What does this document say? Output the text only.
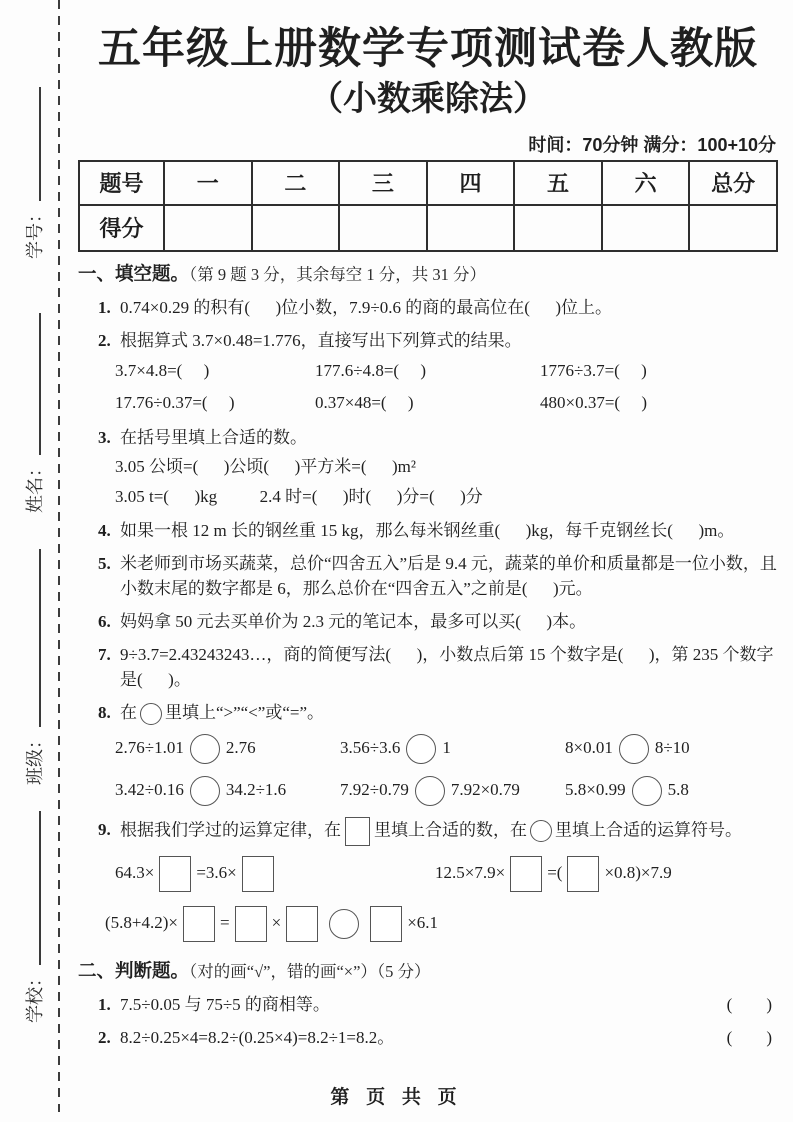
学号：
姓名：
班级：
学校：
五年级上册数学专项测试卷人教版
（小数乘除法）
时间：70分钟 满分：100+10分
题号	一	二	三	四	五	六	总分
得分							
一、填空题。（第 9 题 3 分，其余每空 1 分，共 31 分）
1. 0.74×0.29 的积有(      )位小数，7.9÷0.6 的商的最高位在(      )位上。
2. 根据算式 3.7×0.48=1.776，直接写出下列算式的结果。
3.7×4.8=(     )	177.6÷4.8=(     )	1776÷3.7=(     )
17.76÷0.37=(     )	0.37×48=(     )	480×0.37=(     )
3. 在括号里填上合适的数。
3.05 公顷=(      )公顷(      )平方米=(      )m²
3.05 t=(      )kg          2.4 时=(      )时(      )分=(      )分
4. 如果一根 12 m 长的钢丝重 15 kg，那么每米钢丝重(      )kg，每千克钢丝长(      )m。
5. 米老师到市场买蔬菜，总价“四舍五入”后是 9.4 元，蔬菜的单价和质量都是一位小数，且小数末尾的数字都是 6，那么总价在“四舍五入”之前是(      )元。
6. 妈妈拿 50 元去买单价为 2.3 元的笔记本，最多可以买(      )本。
7. 9÷3.7=2.43243243…，商的简便写法(      )，小数点后第 15 个数字是(      )，第 235 个数字是(      )。
8. 在 里填上“>”“<”或“=”。
2.76÷1.01 2.76	3.56÷3.6 1	8×0.01 8÷10
3.42÷0.16 34.2÷1.6	7.92÷0.79 7.92×0.79	5.8×0.99 5.8
9. 根据我们学过的运算定律，在 里填上合适的数，在 里填上合适的运算符号。
64.3× =3.6×	12.5×7.9× =( ×0.8)×7.9
(5.8+4.2)× = ×	×6.1
二、判断题。（对的画“√”，错的画“×”）（5 分）
1. 7.5÷0.05 与 75÷5 的商相等。	(        )
2. 8.2÷0.25×4=8.2÷(0.25×4)=8.2÷1=8.2。	(        )
第 页 共 页
